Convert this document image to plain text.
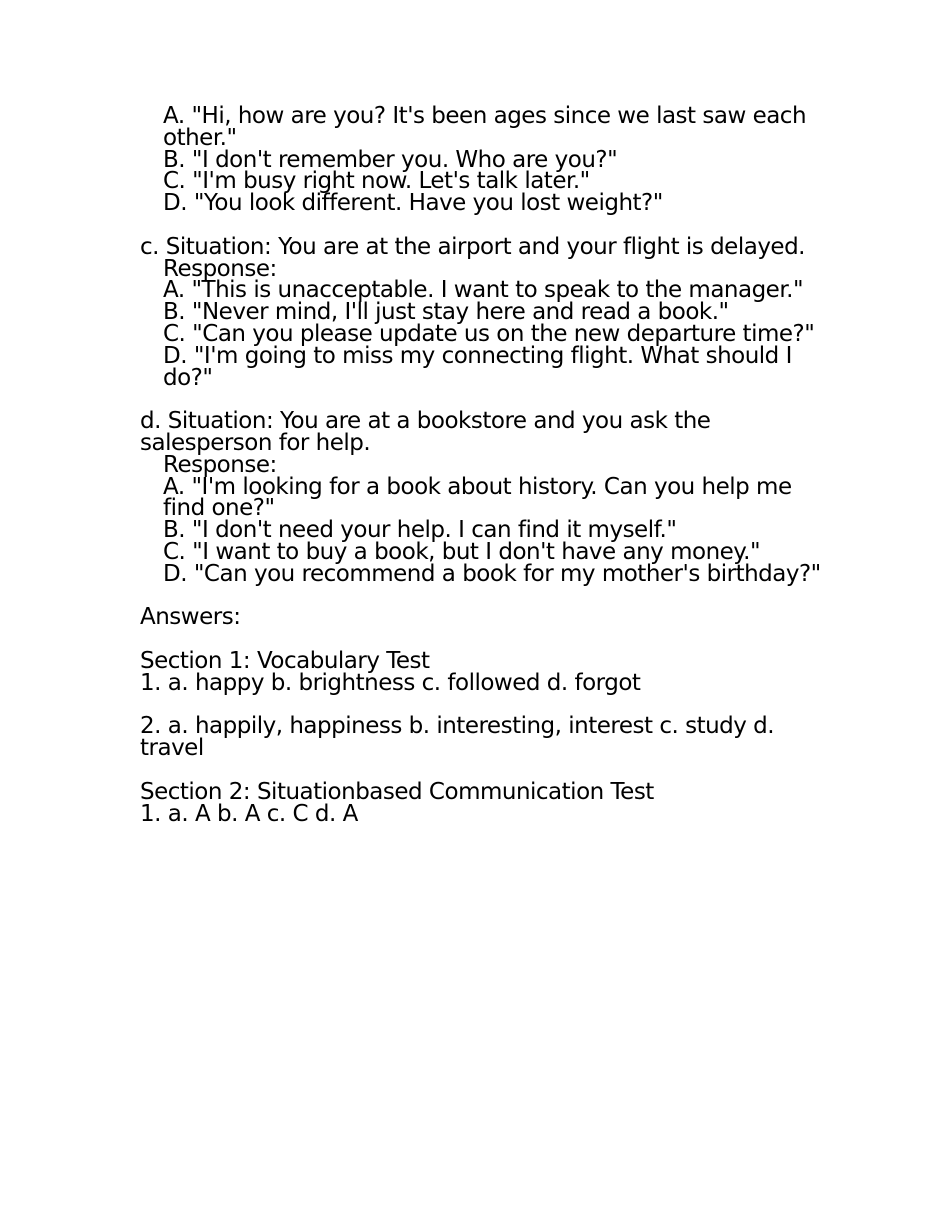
A. "Hi, how are you? It's been ages since we last saw each other."
B. "I don't remember you. Who are you?"
C. "I'm busy right now. Let's talk later."
D. "You look different. Have you lost weight?"
c. Situation: You are at the airport and your flight is delayed.
Response:
A. "This is unacceptable. I want to speak to the manager."
B. "Never mind, I'll just stay here and read a book."
C. "Can you please update us on the new departure time?"
D. "I'm going to miss my connecting flight. What should I do?"
d. Situation: You are at a bookstore and you ask the salesperson for help.
Response:
A. "I'm looking for a book about history. Can you help me find one?"
B. "I don't need your help. I can find it myself."
C. "I want to buy a book, but I don't have any money."
D. "Can you recommend a book for my mother's birthday?"
Answers:
Section 1: Vocabulary Test
1. a. happy b. brightness c. followed d. forgot
2. a. happily, happiness b. interesting, interest c. study d. travel
Section 2: Situationbased Communication Test
1. a. A b. A c. C d. A
